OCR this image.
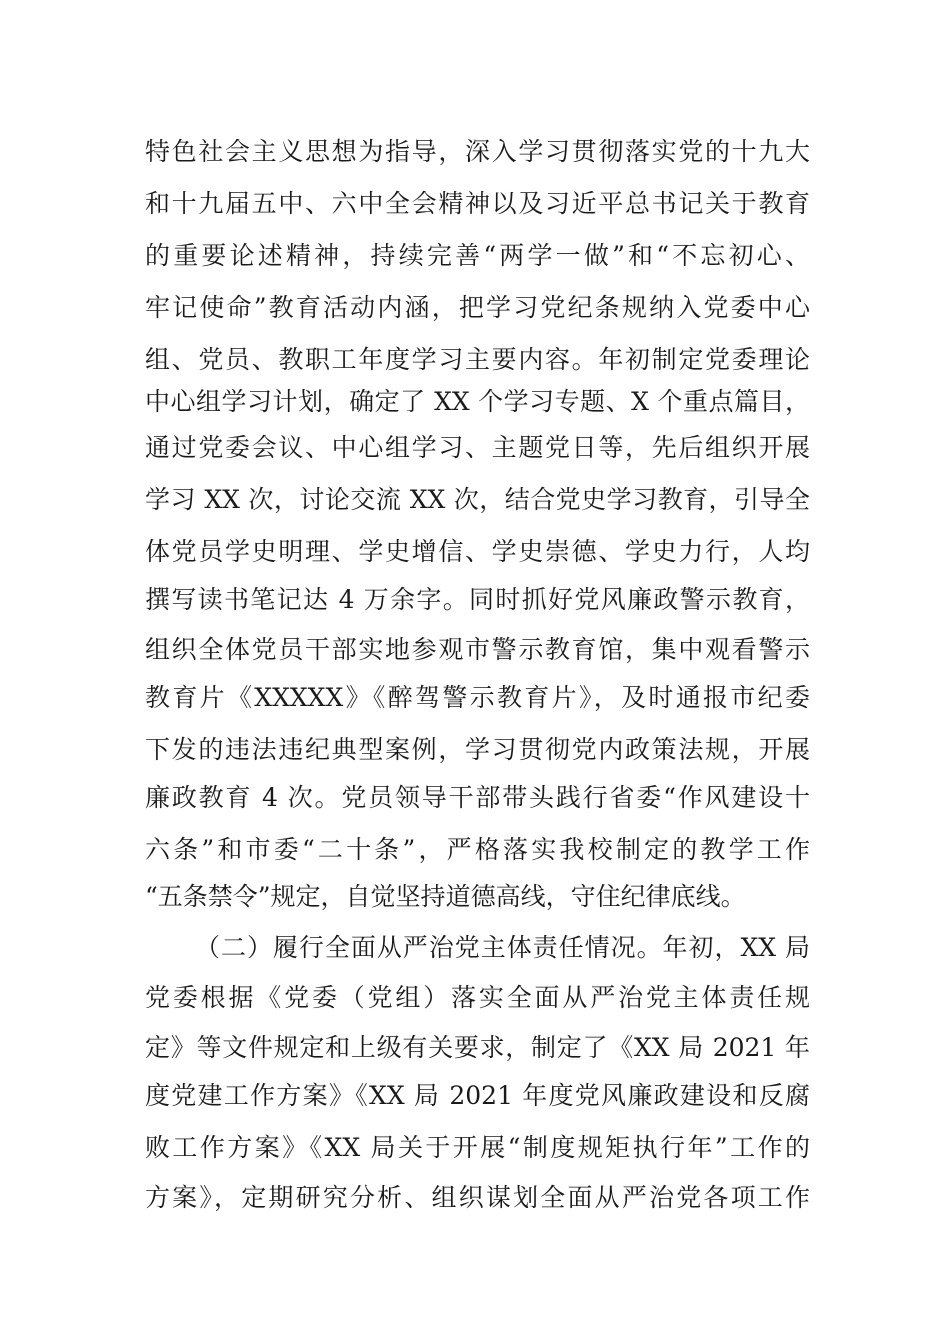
特色社会主义思想为指导，深入学习贯彻落实党的十九大
和十九届五中、六中全会精神以及习近平总书记关于教育
的重要论述精神，持续完善“两学一做”和“不忘初心、
牢记使命”教育活动内涵，把学习党纪条规纳入党委中心
组、党员、教职工年度学习主要内容。年初制定党委理论
中心组学习计划，确定了 XX 个学习专题、X 个重点篇目，
通过党委会议、中心组学习、主题党日等，先后组织开展
学习 XX 次，讨论交流 XX 次，结合党史学习教育，引导全
体党员学史明理、学史增信、学史崇德、学史力行，人均
撰写读书笔记达 4 万余字。同时抓好党风廉政警示教育，
组织全体党员干部实地参观市警示教育馆，集中观看警示
教育片《XXXXX》《醉驾警示教育片》，及时通报市纪委
下发的违法违纪典型案例，学习贯彻党内政策法规，开展
廉政教育 4 次。党员领导干部带头践行省委“作风建设十
六条”和市委“二十条”，严格落实我校制定的教学工作
“五条禁令”规定，自觉坚持道德高线，守住纪律底线。
（二）履行全面从严治党主体责任情况。年初，XX 局
党委根据《党委（党组）落实全面从严治党主体责任规
定》等文件规定和上级有关要求，制定了《XX 局 2021 年
度党建工作方案》《XX 局 2021 年度党风廉政建设和反腐
败工作方案》《XX 局关于开展“制度规矩执行年”工作的
方案》，定期研究分析、组织谋划全面从严治党各项工作
